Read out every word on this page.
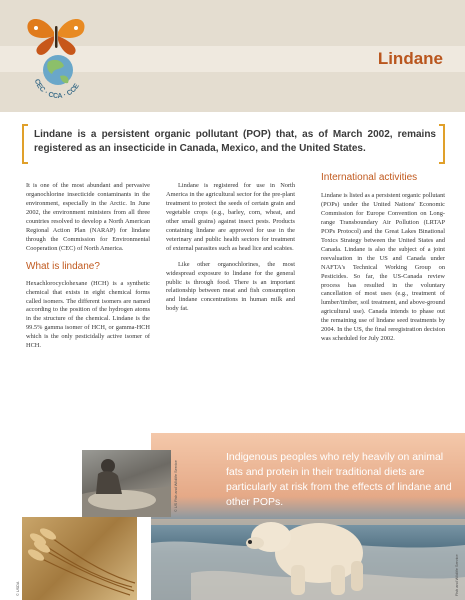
CEC · CCA · CCE
Lindane
Lindane is a persistent organic pollutant (POP) that, as of March 2002, remains registered as an insecticide in Canada, Mexico, and the United States.

It is one of the most abundant and pervasive organochlorine insecticide contaminants in the environment, especially in the Arctic. In June 2002, the environment ministers from all three countries resolved to develop a North American Regional Action Plan (NARAP) for lindane through the Commission for Environmental Cooperation (CEC) of North America.

What is lindane?

Hexachlorocyclohexane (HCH) is a synthetic chemical that exists in eight chemical forms called isomers. The different isomers are named according to the position of the hydrogen atoms in the structure of the chemical. Lindane is the 99.5% gamma isomer of HCH, or gamma-HCH which is the only pesticidally active isomer of HCH.

Lindane is registered for use in North America in the agricultural sector for the pre-plant treatment to protect the seeds of certain grain and vegetable crops (e.g., barley, corn, wheat, and other small grains) against insect pests. Products containing lindane are approved for use in the veterinary and public health sectors for treatment of external parasites such as head lice and scabies.

Like other organochlorines, the most widespread exposure to lindane for the general public is through food. There is an important relationship between meat and fish consumption and lindane concentrations in human milk and body fat.

International activities

Lindane is listed as a persistent organic pollutant (POPs) under the United Nations' Economic Commission for Europe Convention on Long-range Transboundary Air Pollution (LRTAP POPs Protocol) and the Great Lakes Binational Toxics Strategy between the United States and Canada. Lindane is also the subject of a joint reevaluation in the US and Canada under NAFTA's Technical Working Group on Pesticides. So far, the US-Canada review process has resulted in the voluntary cancellation of most uses (e.g., treatment of lumber/timber, soil treatment, and above-ground agricultural use). Canada intends to phase out the remaining use of lindane seed treatments by 2004. In the US, the final reregistration decision was scheduled for July 2002.

© US Fish and Wildlife Service
© USDA	Fish and Wildlife Service
Indigenous peoples who rely heavily on animal fats and protein in their traditional diets are particularly at risk from the effects of lindane and other POPs.
